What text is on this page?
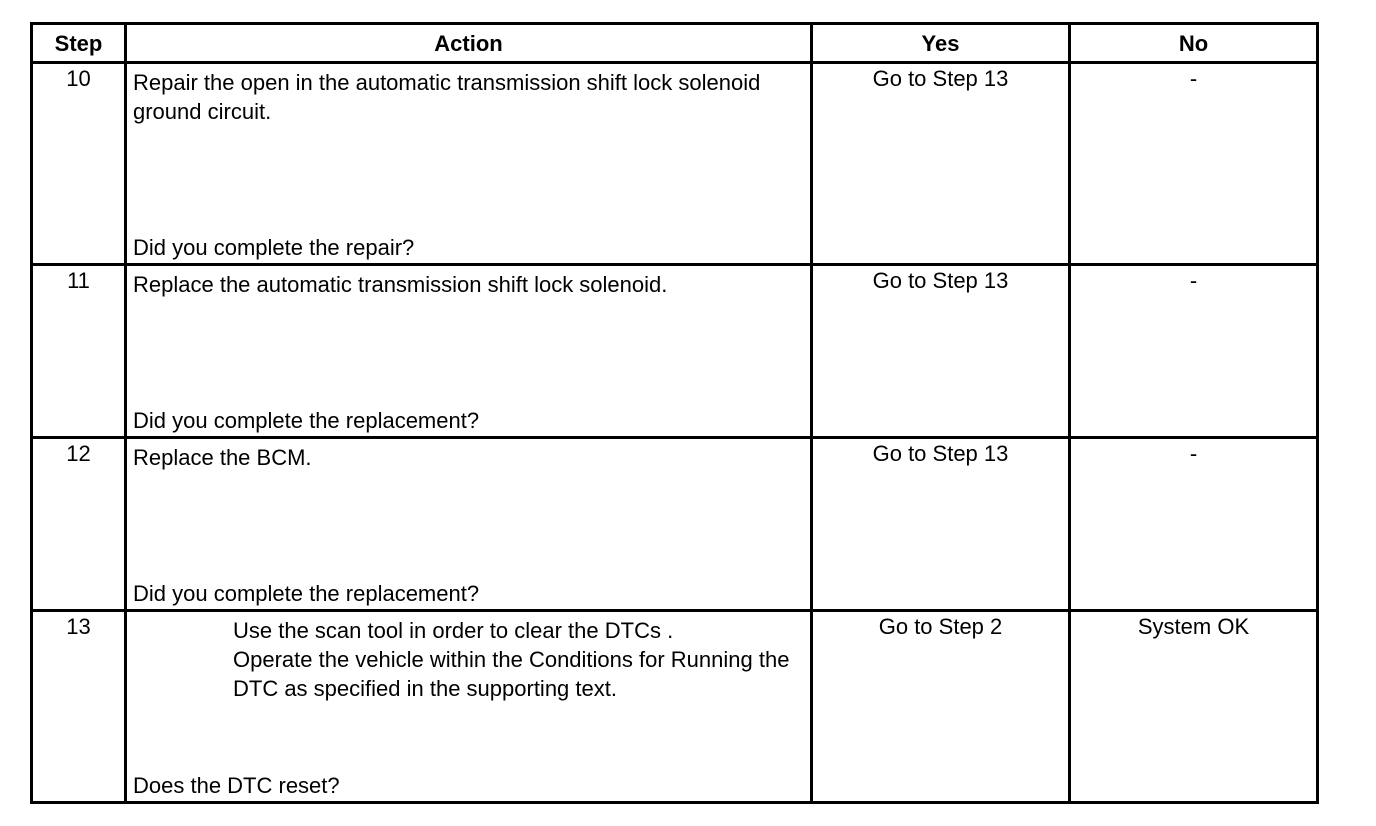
Step	Action	Yes	No
10	Repair the open in the automatic transmission shift lock solenoid ground circuit.
Did you complete the repair?	Go to Step 13	-

11	Replace the automatic transmission shift lock solenoid.
Did you complete the replacement?	Go to Step 13	-

12	Replace the BCM.
Did you complete the replacement?	Go to Step 13	-

13	Use the scan tool in order to clear the DTCs .
Operate the vehicle within the Conditions for Running the DTC as specified in the supporting text.
Does the DTC reset?	Go to Step 2	System OK
